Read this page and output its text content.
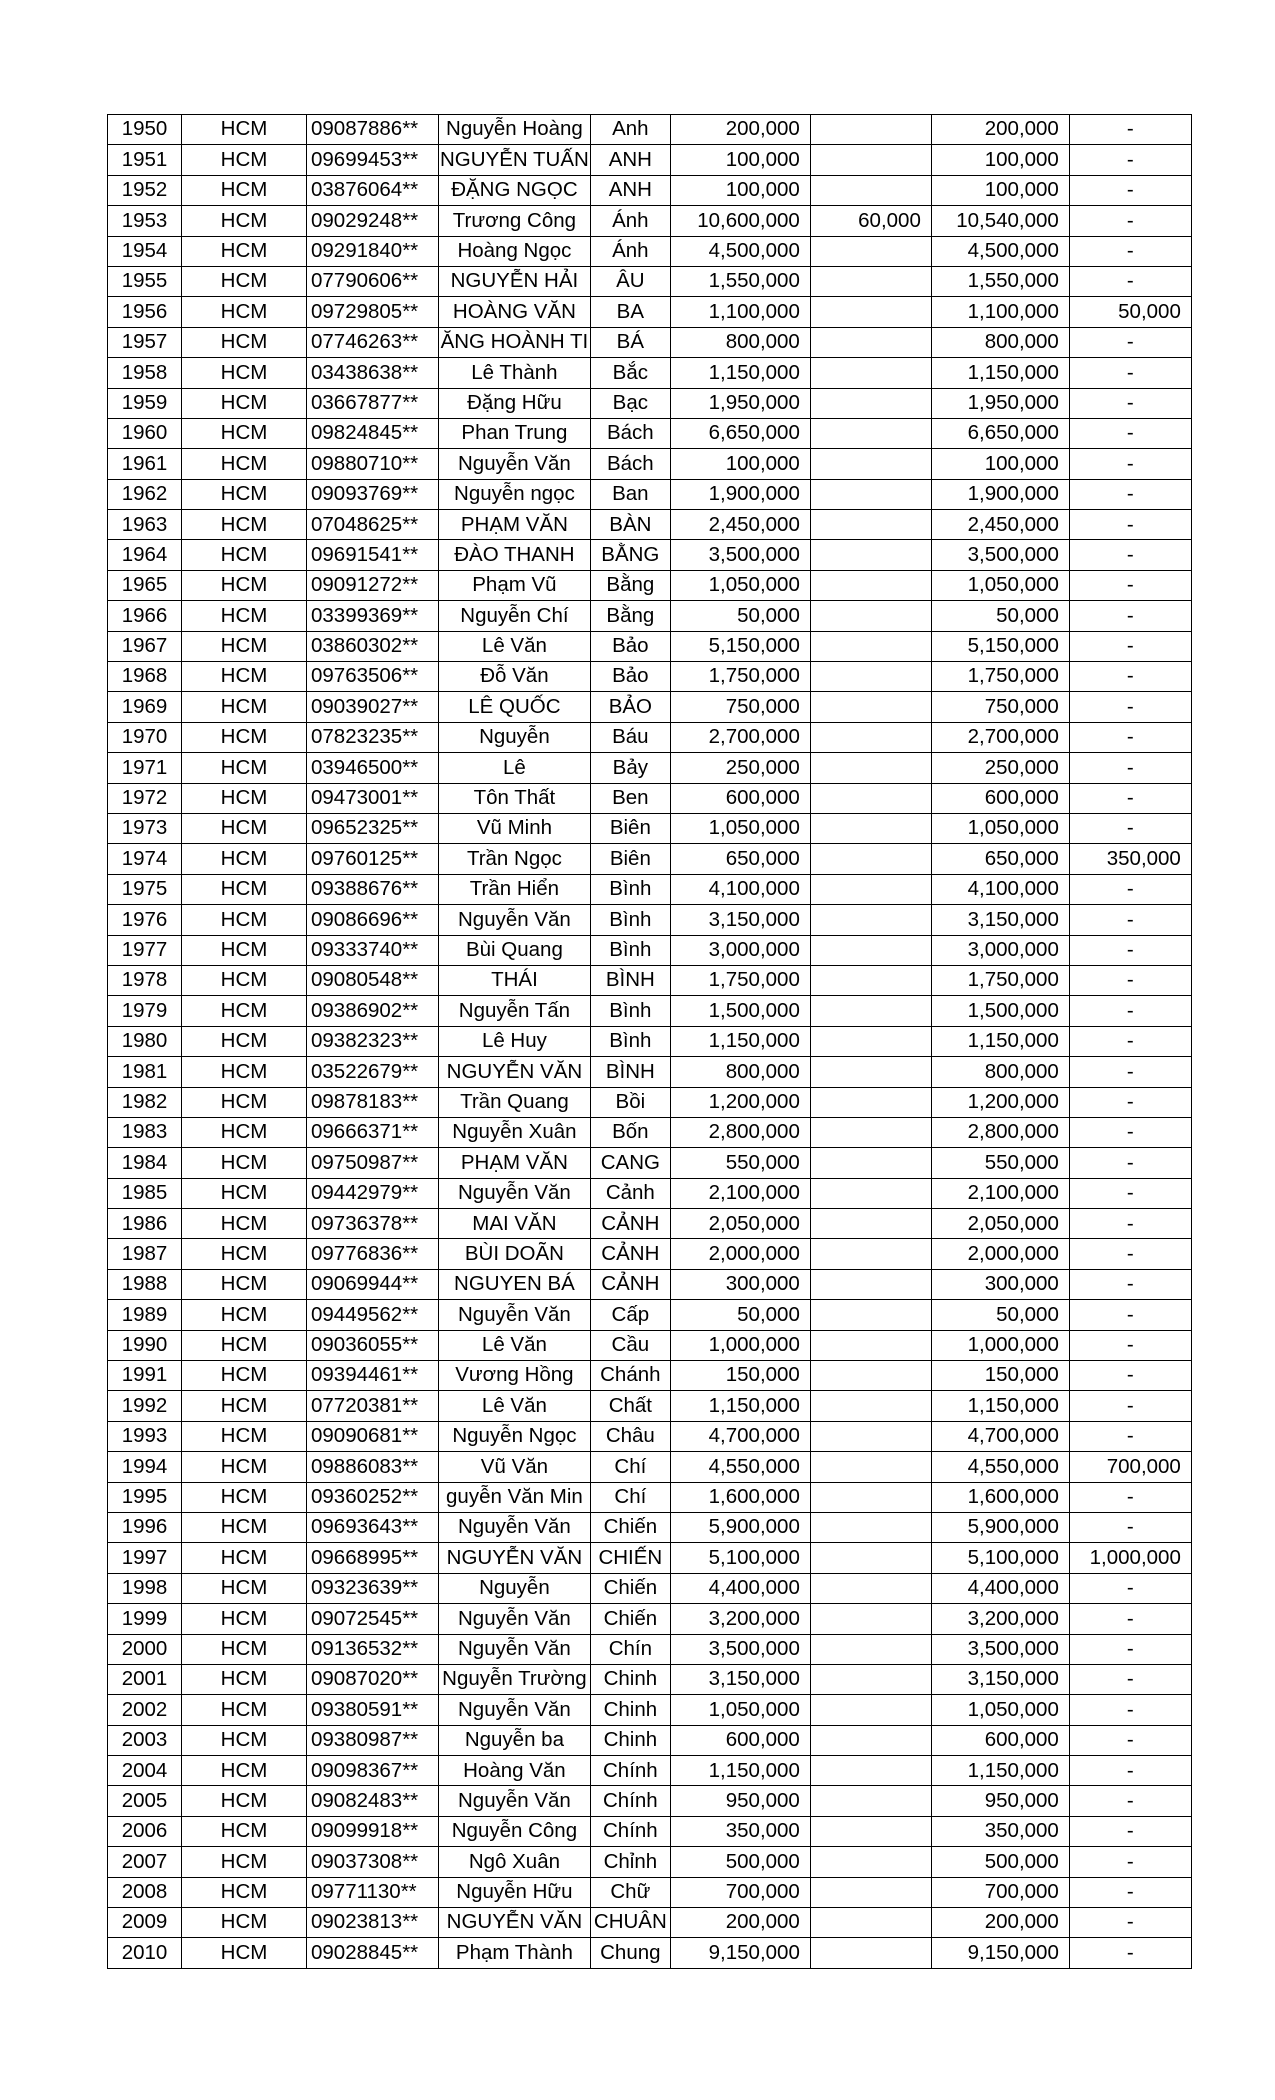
1950	HCM	09087886**	Nguyễn Hoàng	Anh	200,000		200,000	-
1951	HCM	09699453**	NGUYỄN TUẤN	ANH	100,000		100,000	-
1952	HCM	03876064**	ĐẶNG NGỌC	ANH	100,000		100,000	-
1953	HCM	09029248**	Trương Công	Ánh	10,600,000	60,000	10,540,000	-
1954	HCM	09291840**	Hoàng Ngọc	Ánh	4,500,000		4,500,000	-
1955	HCM	07790606**	NGUYỄN HẢI	ÂU	1,550,000		1,550,000	-
1956	HCM	09729805**	HOÀNG VĂN	BA	1,100,000		1,100,000	50,000
1957	HCM	07746263**	ĂNG HOÀNH TI	BÁ	800,000		800,000	-
1958	HCM	03438638**	Lê Thành	Bắc	1,150,000		1,150,000	-
1959	HCM	03667877**	Đặng Hữu	Bạc	1,950,000		1,950,000	-
1960	HCM	09824845**	Phan Trung	Bách	6,650,000		6,650,000	-
1961	HCM	09880710**	Nguyễn Văn	Bách	100,000		100,000	-
1962	HCM	09093769**	Nguyễn ngọc	Ban	1,900,000		1,900,000	-
1963	HCM	07048625**	PHẠM VĂN	BÀN	2,450,000		2,450,000	-
1964	HCM	09691541**	ĐÀO THANH	BẰNG	3,500,000		3,500,000	-
1965	HCM	09091272**	Phạm Vũ	Bằng	1,050,000		1,050,000	-
1966	HCM	03399369**	Nguyễn Chí	Bằng	50,000		50,000	-
1967	HCM	03860302**	Lê Văn	Bảo	5,150,000		5,150,000	-
1968	HCM	09763506**	Đỗ Văn	Bảo	1,750,000		1,750,000	-
1969	HCM	09039027**	LÊ QUỐC	BẢO	750,000		750,000	-
1970	HCM	07823235**	Nguyễn	Báu	2,700,000		2,700,000	-
1971	HCM	03946500**	Lê	Bảy	250,000		250,000	-
1972	HCM	09473001**	Tôn Thất	Ben	600,000		600,000	-
1973	HCM	09652325**	Vũ Minh	Biên	1,050,000		1,050,000	-
1974	HCM	09760125**	Trần Ngọc	Biên	650,000		650,000	350,000
1975	HCM	09388676**	Trần Hiển	Bình	4,100,000		4,100,000	-
1976	HCM	09086696**	Nguyễn Văn	Bình	3,150,000		3,150,000	-
1977	HCM	09333740**	Bùi Quang	Bình	3,000,000		3,000,000	-
1978	HCM	09080548**	THÁI	BÌNH	1,750,000		1,750,000	-
1979	HCM	09386902**	Nguyễn Tấn	Bình	1,500,000		1,500,000	-
1980	HCM	09382323**	Lê Huy	Bình	1,150,000		1,150,000	-
1981	HCM	03522679**	NGUYỄN VĂN	BÌNH	800,000		800,000	-
1982	HCM	09878183**	Trần Quang	Bồi	1,200,000		1,200,000	-
1983	HCM	09666371**	Nguyễn Xuân	Bốn	2,800,000		2,800,000	-
1984	HCM	09750987**	PHẠM VĂN	CANG	550,000		550,000	-
1985	HCM	09442979**	Nguyễn Văn	Cảnh	2,100,000		2,100,000	-
1986	HCM	09736378**	MAI VĂN	CẢNH	2,050,000		2,050,000	-
1987	HCM	09776836**	BÙI DOÃN	CẢNH	2,000,000		2,000,000	-
1988	HCM	09069944**	NGUYEN BÁ	CẢNH	300,000		300,000	-
1989	HCM	09449562**	Nguyễn Văn	Cấp	50,000		50,000	-
1990	HCM	09036055**	Lê Văn	Cầu	1,000,000		1,000,000	-
1991	HCM	09394461**	Vương Hồng	Chánh	150,000		150,000	-
1992	HCM	07720381**	Lê Văn	Chất	1,150,000		1,150,000	-
1993	HCM	09090681**	Nguyễn Ngọc	Châu	4,700,000		4,700,000	-
1994	HCM	09886083**	Vũ Văn	Chí	4,550,000		4,550,000	700,000
1995	HCM	09360252**	guyễn Văn Min	Chí	1,600,000		1,600,000	-
1996	HCM	09693643**	Nguyễn Văn	Chiến	5,900,000		5,900,000	-
1997	HCM	09668995**	NGUYỄN VĂN	CHIẾN	5,100,000		5,100,000	1,000,000
1998	HCM	09323639**	Nguyễn	Chiến	4,400,000		4,400,000	-
1999	HCM	09072545**	Nguyễn Văn	Chiến	3,200,000		3,200,000	-
2000	HCM	09136532**	Nguyễn Văn	Chín	3,500,000		3,500,000	-
2001	HCM	09087020**	Nguyễn Trường	Chinh	3,150,000		3,150,000	-
2002	HCM	09380591**	Nguyễn Văn	Chinh	1,050,000		1,050,000	-
2003	HCM	09380987**	Nguyễn ba	Chinh	600,000		600,000	-
2004	HCM	09098367**	Hoàng Văn	Chính	1,150,000		1,150,000	-
2005	HCM	09082483**	Nguyễn Văn	Chính	950,000		950,000	-
2006	HCM	09099918**	Nguyễn Công	Chính	350,000		350,000	-
2007	HCM	09037308**	Ngô Xuân	Chỉnh	500,000		500,000	-
2008	HCM	09771130**	Nguyễn Hữu	Chữ	700,000		700,000	-
2009	HCM	09023813**	NGUYỄN VĂN	CHUÂN	200,000		200,000	-
2010	HCM	09028845**	Phạm Thành	Chung	9,150,000		9,150,000	-
